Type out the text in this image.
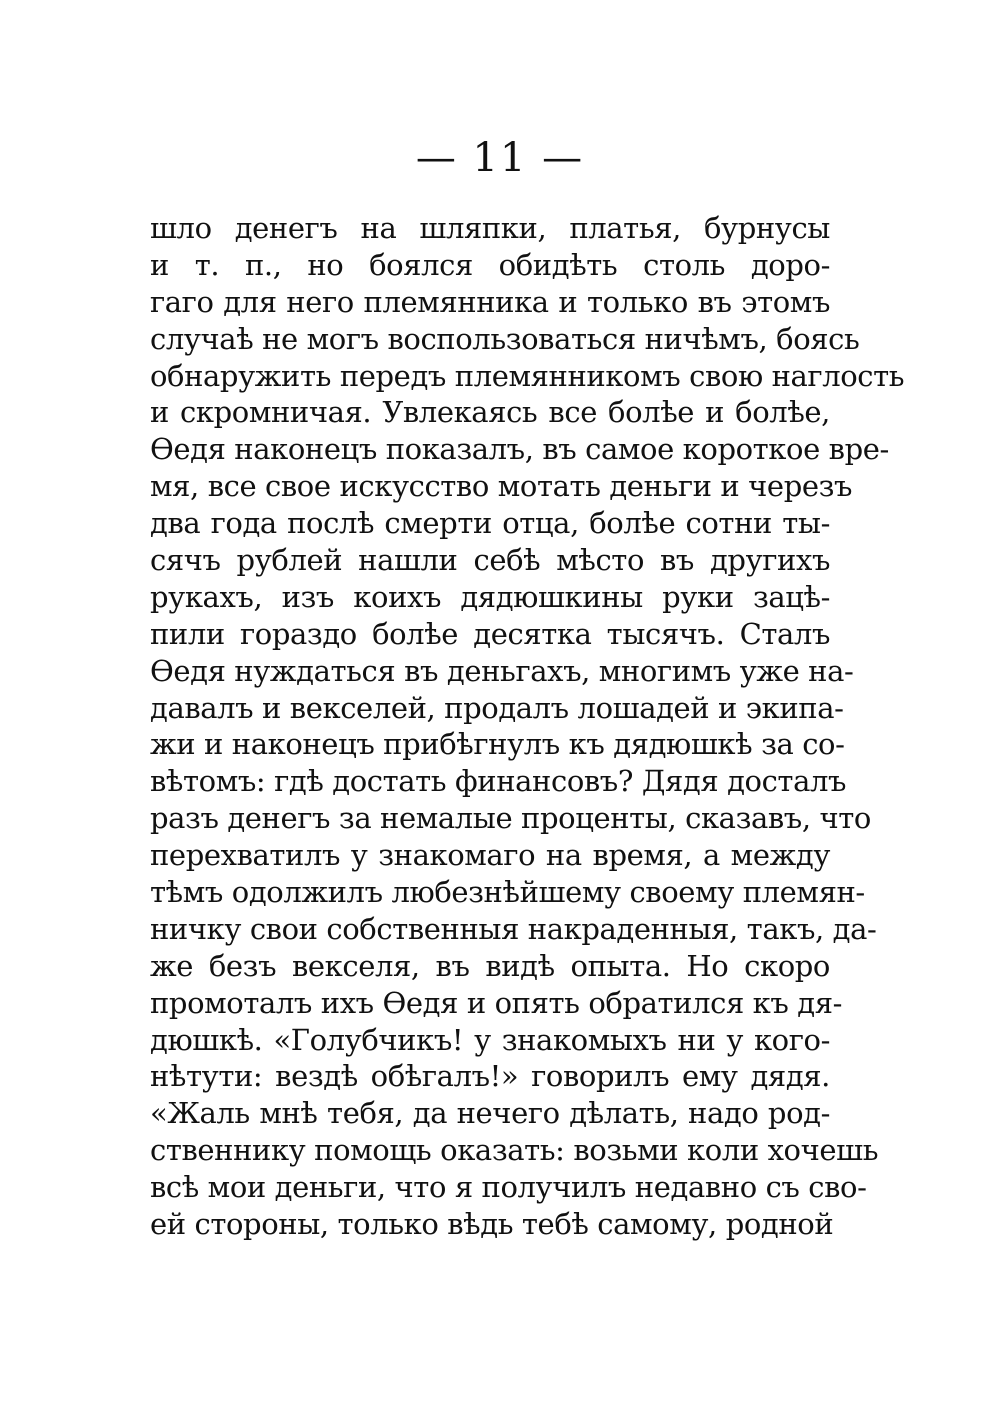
— 11 —
шло денегъ на шляпки, платья, бурнусы
и т. п., но боялся обидѣть столь доро-
гаго для него племянника и только въ этомъ
случаѣ не могъ воспользоваться ничѣмъ, боясь
обнаружить передъ племянникомъ свою наглость
и скромничая. Увлекаясь все болѣе и болѣе,
Ѳедя наконецъ показалъ, въ самое короткое вре-
мя, все свое искусство мотать деньги и черезъ
два года послѣ смерти отца, болѣе сотни ты-
сячъ рублей нашли себѣ мѣсто въ другихъ
рукахъ, изъ коихъ дядюшкины руки зацѣ-
пили гораздо болѣе десятка тысячъ. Сталъ
Ѳедя нуждаться въ деньгахъ, многимъ уже на-
давалъ и векселей, продалъ лошадей и экипа-
жи и наконецъ прибѣгнулъ къ дядюшкѣ за со-
вѣтомъ: гдѣ достать финансовъ? Дядя досталъ
разъ денегъ за немалые проценты, сказавъ, что
перехватилъ у знакомаго на время, а между
тѣмъ одолжилъ любезнѣйшему своему племян-
ничку свои собственныя накраденныя, такъ, да-
же безъ векселя, въ видѣ опыта. Но скоро
промоталъ ихъ Ѳедя и опять обратился къ дя-
дюшкѣ. «Голубчикъ! у знакомыхъ ни у кого-
нѣтути: вездѣ обѣгалъ!» говорилъ ему дядя.
«Жаль мнѣ тебя, да нечего дѣлать, надо род-
ственнику помощь оказать: возьми коли хочешь
всѣ мои деньги, что я получилъ недавно съ сво-
ей стороны, только вѣдь тебѣ самому, родной
